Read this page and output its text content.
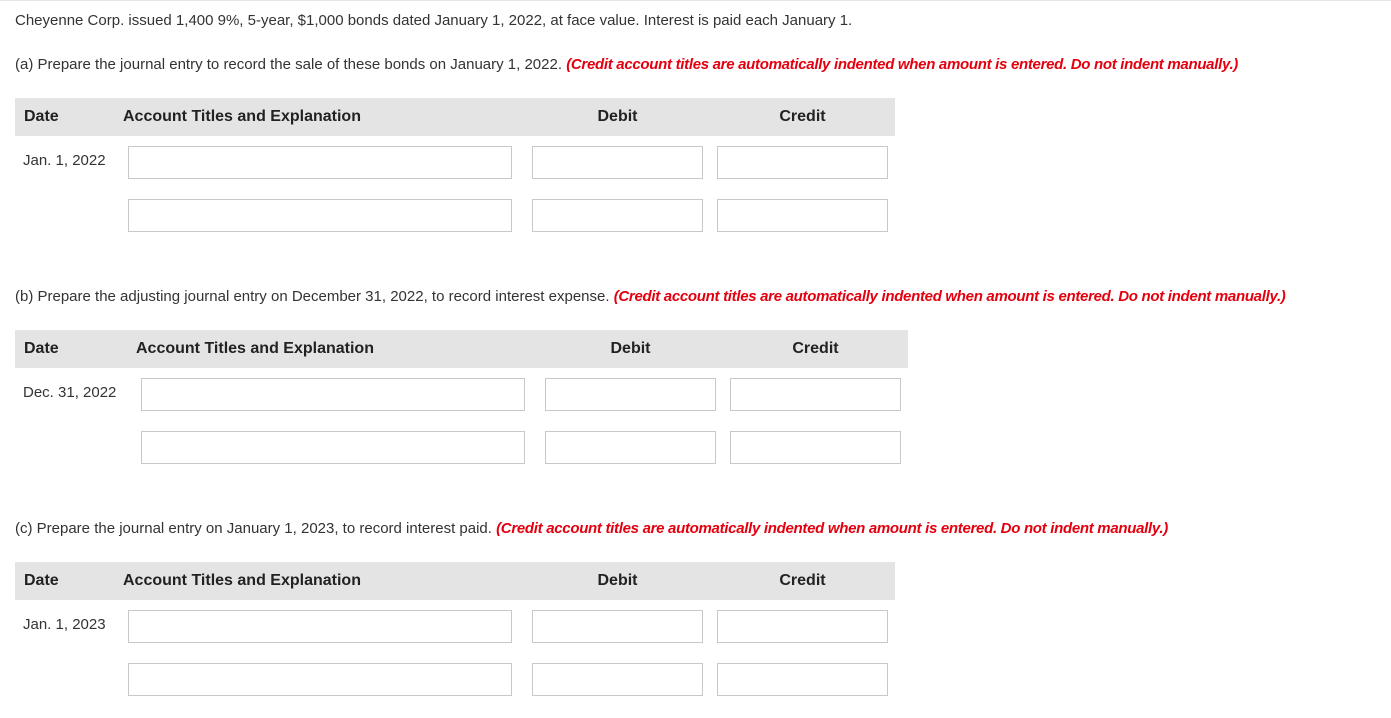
Cheyenne Corp. issued 1,400 9%, 5-year, $1,000 bonds dated January 1, 2022, at face value. Interest is paid each January 1.
(a) Prepare the journal entry to record the sale of these bonds on January 1, 2022. (Credit account titles are automatically indented when amount is entered. Do not indent manually.)
Date	Account Titles and Explanation	Debit	Credit
Jan. 1, 2022
(b) Prepare the adjusting journal entry on December 31, 2022, to record interest expense. (Credit account titles are automatically indented when amount is entered. Do not indent manually.)
Date	Account Titles and Explanation	Debit	Credit
Dec. 31, 2022
(c) Prepare the journal entry on January 1, 2023, to record interest paid. (Credit account titles are automatically indented when amount is entered. Do not indent manually.)
Date	Account Titles and Explanation	Debit	Credit
Jan. 1, 2023
